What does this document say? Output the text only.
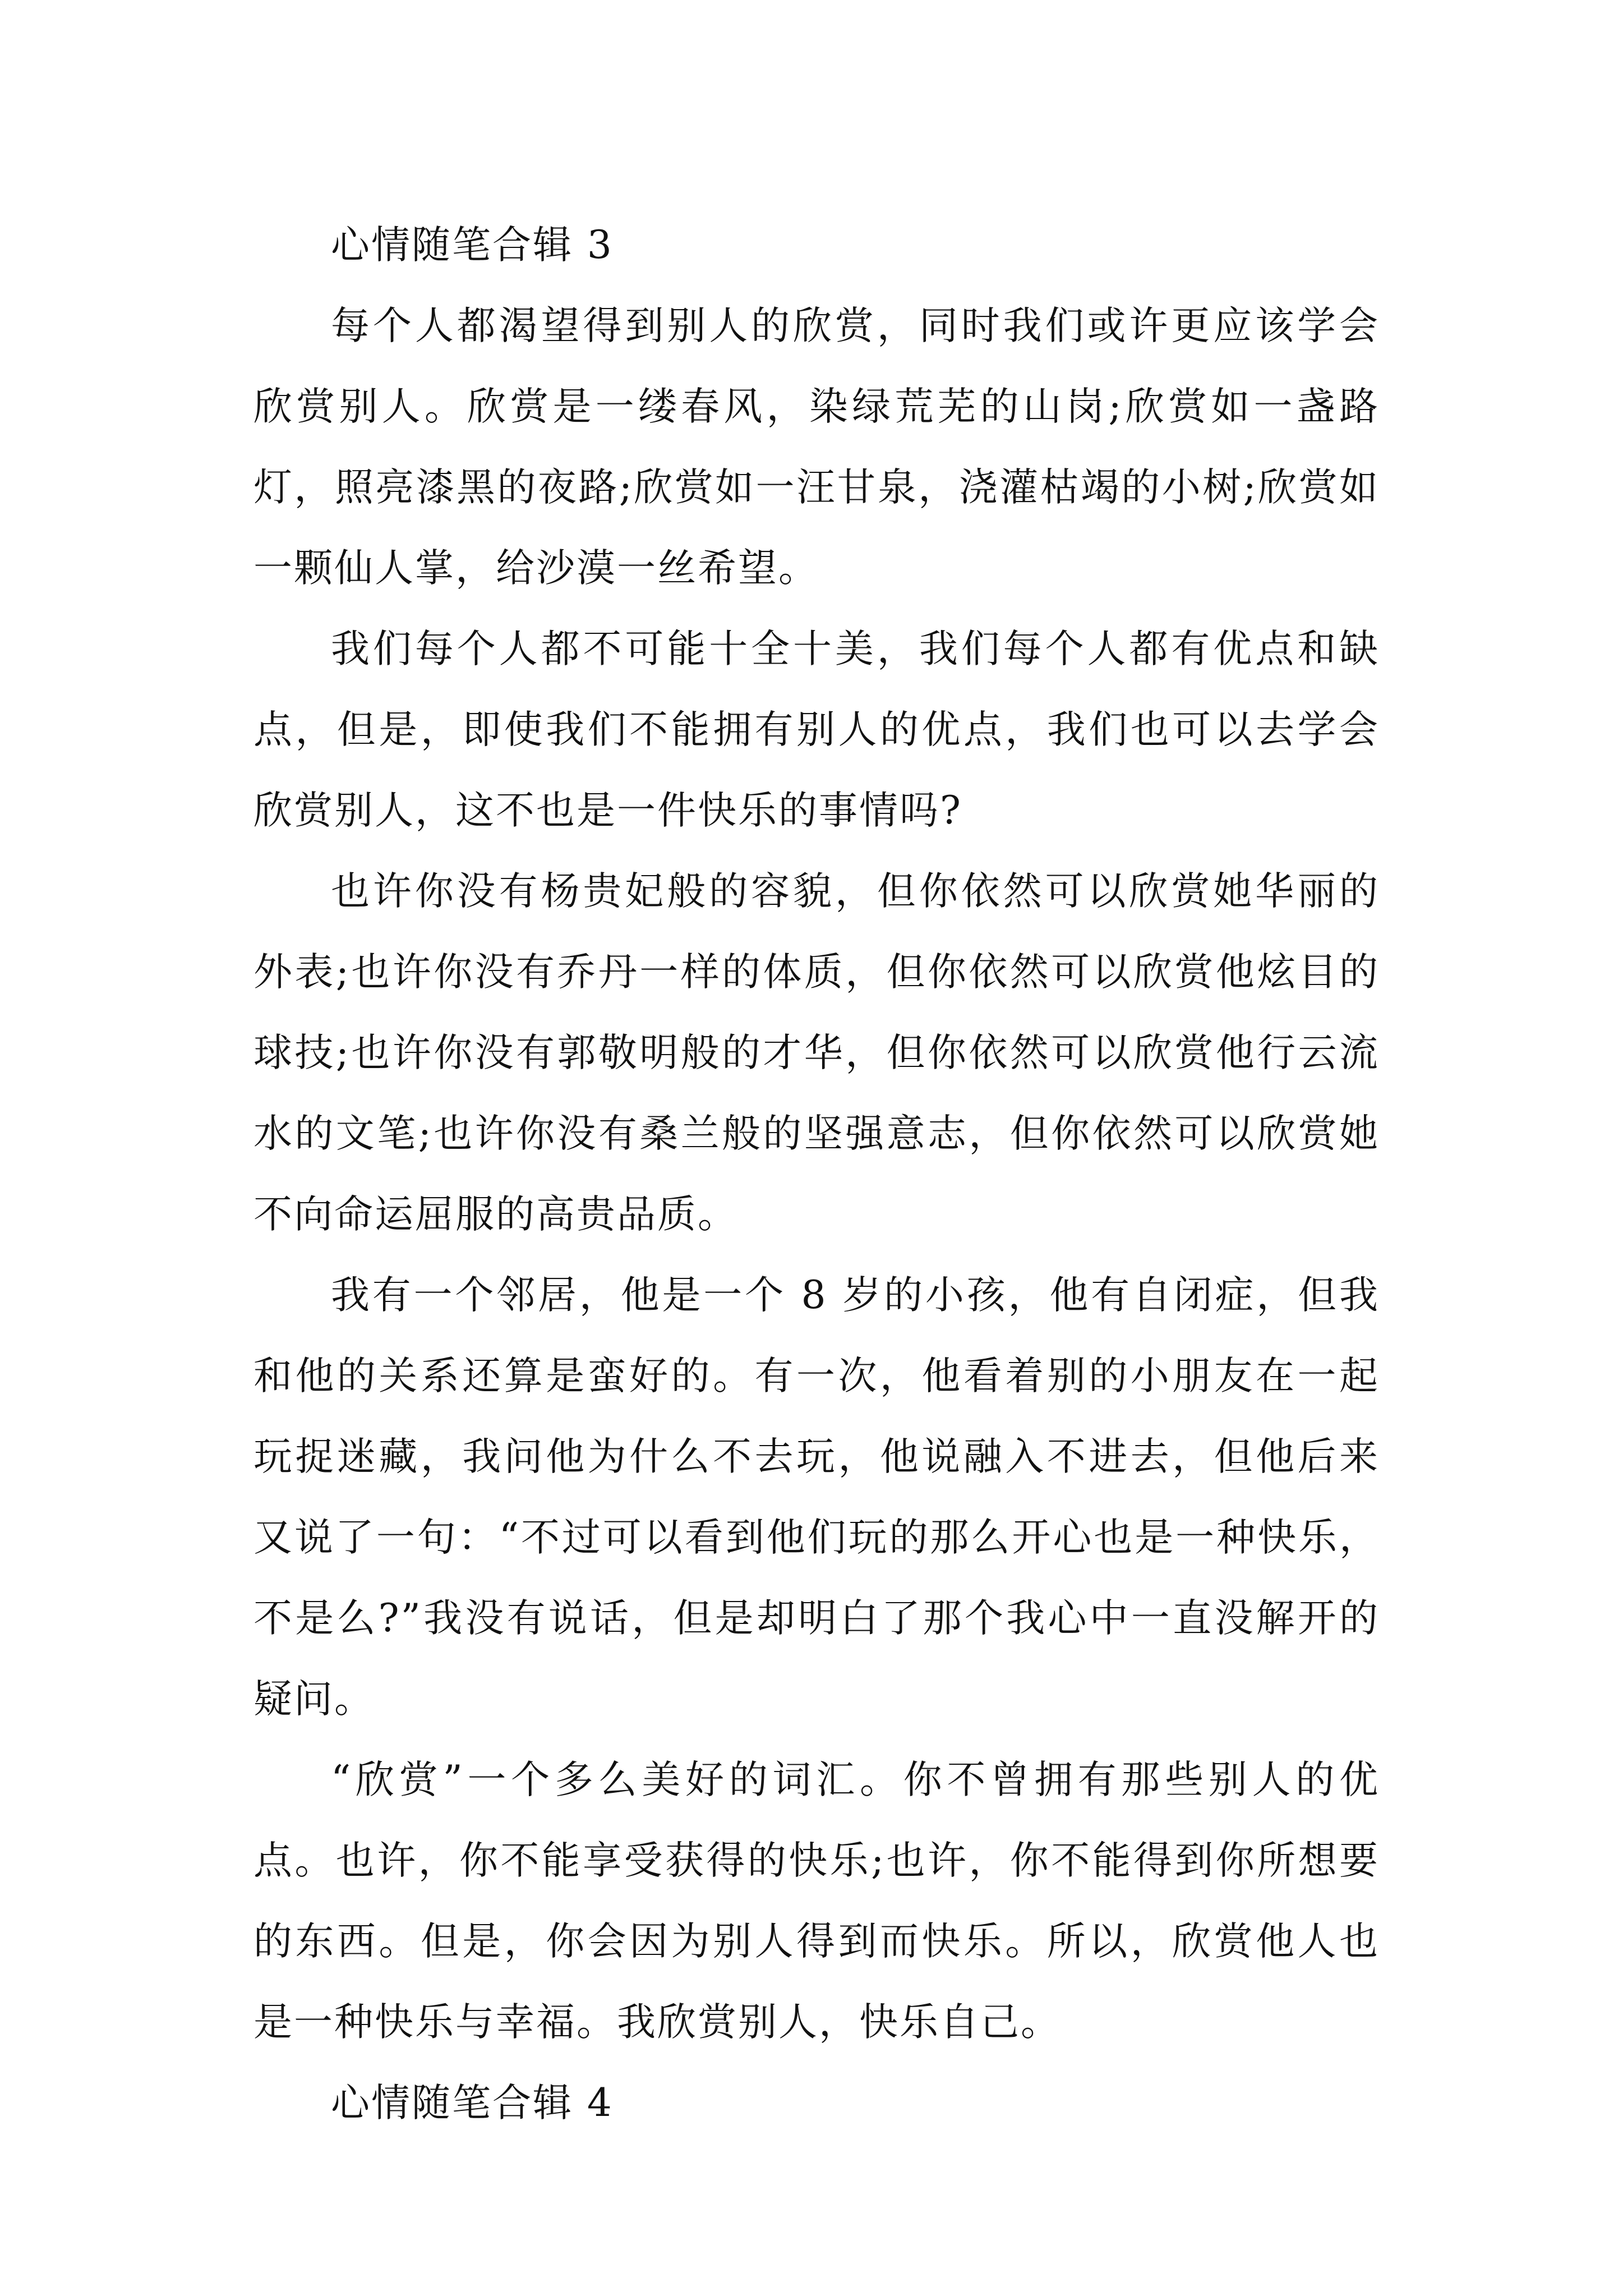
心情随笔合辑 3

每个人都渴望得到别人的欣赏，同时我们或许更应该学会欣赏别人。欣赏是一缕春风，染绿荒芜的山岗;欣赏如一盏路灯，照亮漆黑的夜路;欣赏如一汪甘泉，浇灌枯竭的小树;欣赏如一颗仙人掌，给沙漠一丝希望。

我们每个人都不可能十全十美，我们每个人都有优点和缺点，但是，即使我们不能拥有别人的优点，我们也可以去学会欣赏别人，这不也是一件快乐的事情吗?

也许你没有杨贵妃般的容貌，但你依然可以欣赏她华丽的外表;也许你没有乔丹一样的体质，但你依然可以欣赏他炫目的球技;也许你没有郭敬明般的才华，但你依然可以欣赏他行云流水的文笔;也许你没有桑兰般的坚强意志，但你依然可以欣赏她不向命运屈服的高贵品质。

我有一个邻居，他是一个 8 岁的小孩，他有自闭症，但我和他的关系还算是蛮好的。有一次，他看着别的小朋友在一起玩捉迷藏，我问他为什么不去玩，他说融入不进去，但他后来又说了一句：“不过可以看到他们玩的那么开心也是一种快乐，不是么?”我没有说话，但是却明白了那个我心中一直没解开的疑问。

“欣赏”一个多么美好的词汇。你不曾拥有那些别人的优点。也许，你不能享受获得的快乐;也许，你不能得到你所想要的东西。但是，你会因为别人得到而快乐。所以，欣赏他人也是一种快乐与幸福。我欣赏别人，快乐自己。

心情随笔合辑 4
